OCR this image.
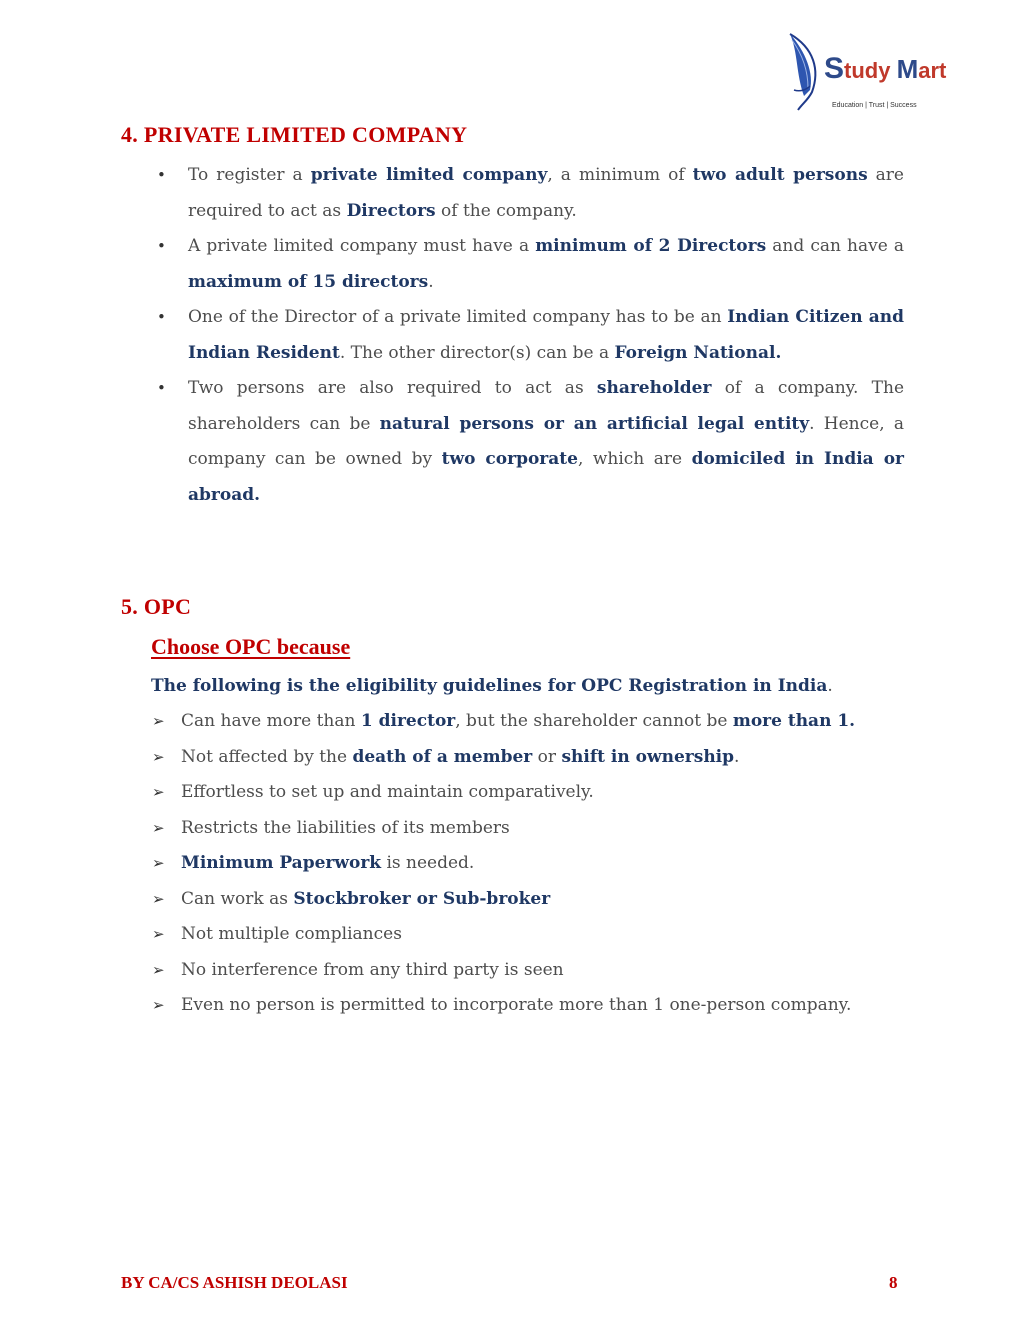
Study Mart
Education | Trust | Success
4. PRIVATE LIMITED COMPANY
• To register a private limited company, a minimum of two adult persons are required to act as Directors of the company.
• A private limited company must have a minimum of 2 Directors and can have a maximum of 15 directors.
• One of the Director of a private limited company has to be an Indian Citizen and Indian Resident. The other director(s) can be a Foreign National.
• Two persons are also required to act as shareholder of a company. The shareholders can be natural persons or an artificial legal entity. Hence, a company can be owned by two corporate, which are domiciled in India or abroad.
5. OPC
Choose OPC because
The following is the eligibility guidelines for OPC Registration in India.
➢ Can have more than 1 director, but the shareholder cannot be more than 1.
➢ Not affected by the death of a member or shift in ownership.
➢ Effortless to set up and maintain comparatively.
➢ Restricts the liabilities of its members
➢ Minimum Paperwork is needed.
➢ Can work as Stockbroker or Sub-broker
➢ Not multiple compliances
➢ No interference from any third party is seen
➢ Even no person is permitted to incorporate more than 1 one-person company.
BY CA/CS ASHISH DEOLASI	8
